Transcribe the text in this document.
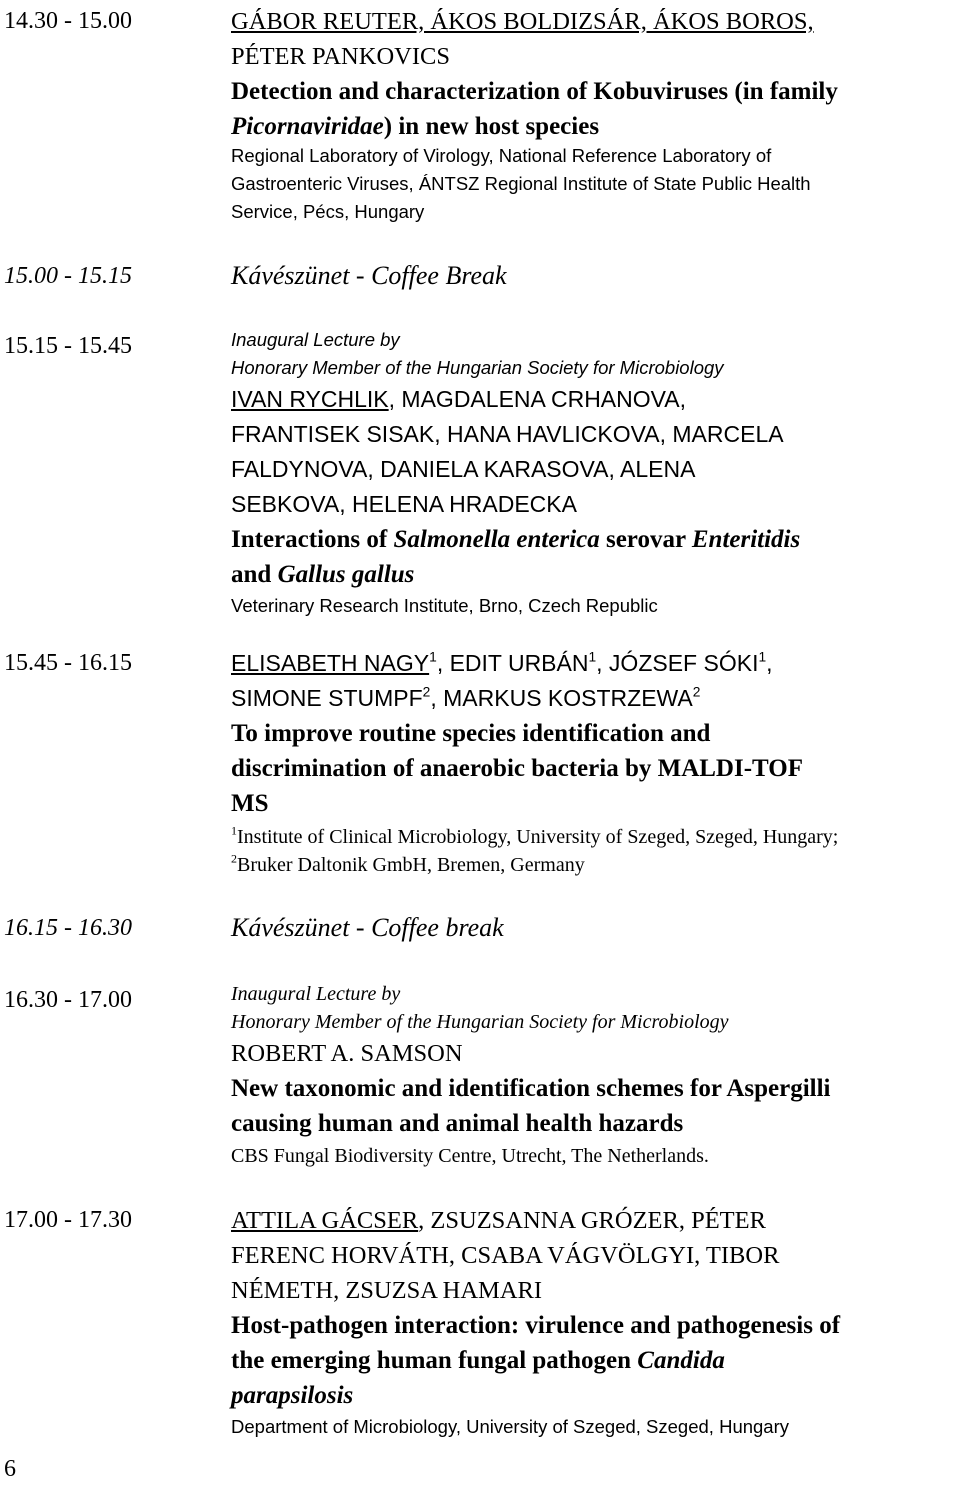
14.30 - 15.00	GÁBOR REUTER, ÁKOS BOLDIZSÁR, ÁKOS BOROS,
PÉTER PANKOVICS
Detection and characterization of Kobuviruses (in family
Picornaviridae) in new host species
Regional Laboratory of Virology, National Reference Laboratory of
Gastroenteric Viruses, ÁNTSZ Regional Institute of State Public Health
Service, Pécs, Hungary
15.00 - 15.15	Kávészünet - Coffee Break
15.15 - 15.45	Inaugural Lecture by
Honorary Member of the Hungarian Society for Microbiology
IVAN RYCHLIK, MAGDALENA CRHANOVA,
FRANTISEK SISAK, HANA HAVLICKOVA, MARCELA
FALDYNOVA, DANIELA KARASOVA, ALENA
SEBKOVA, HELENA HRADECKA
Interactions of Salmonella enterica serovar Enteritidis
and Gallus gallus
Veterinary Research Institute, Brno, Czech Republic
15.45 - 16.15	ELISABETH NAGY$^1$, EDIT URBÁN$^1$, JÓZSEF SÓKI$^1$,
SIMONE STUMPF$^2$, MARKUS KOSTRZEWA$^2$
To improve routine species identification and
discrimination of anaerobic bacteria by MALDI-TOF
MS
$^1$Institute of Clinical Microbiology, University of Szeged, Szeged, Hungary;
$^2$Bruker Daltonik GmbH, Bremen, Germany
16.15 - 16.30	Kávészünet - Coffee break
16.30 - 17.00	Inaugural Lecture by
Honorary Member of the Hungarian Society for Microbiology
ROBERT A. SAMSON
New taxonomic and identification schemes for Aspergilli
causing human and animal health hazards
CBS Fungal Biodiversity Centre, Utrecht, The Netherlands.
17.00 - 17.30	ATTILA GÁCSER, ZSUZSANNA GRÓZER, PÉTER
FERENC HORVÁTH, CSABA VÁGVÖLGYI, TIBOR
NÉMETH, ZSUZSA HAMARI
Host-pathogen interaction: virulence and pathogenesis of
the emerging human fungal pathogen Candida
parapsilosis
Department of Microbiology, University of Szeged, Szeged, Hungary
6
